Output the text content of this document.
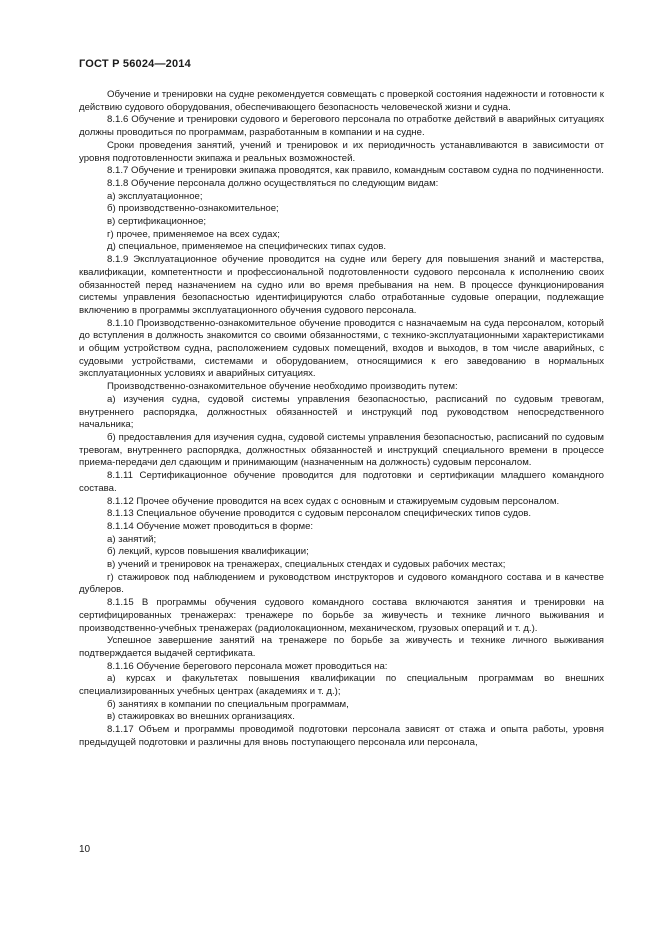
ГОСТ Р 56024—2014

Обучение и тренировки на судне рекомендуется совмещать с проверкой состояния надежности и готовности к действию судового оборудования, обеспечивающего безопасность человеческой жизни и судна.

8.1.6 Обучение и тренировки судового и берегового персонала по отработке действий в аварийных ситуациях должны проводиться по программам, разработанным в компании и на судне.

Сроки проведения занятий, учений и тренировок и их периодичность устанавливаются в зависимости от уровня подготовленности экипажа и реальных возможностей.

8.1.7 Обучение и тренировки экипажа проводятся, как правило, командным составом судна по подчиненности.

8.1.8 Обучение персонала должно осуществляться по следующим видам:

а) эксплуатационное;

б) производственно-ознакомительное;

в) сертификационное;

г) прочее, применяемое на всех судах;

д) специальное, применяемое на специфических типах судов.

8.1.9 Эксплуатационное обучение проводится на судне или берегу для повышения знаний и мастерства, квалификации, компетентности и профессиональной подготовленности судового персонала к исполнению своих обязанностей перед назначением на судно или во время пребывания на нем. В процессе функционирования системы управления безопасностью идентифицируются слабо отработанные судовые операции, подлежащие включению в программы эксплуатационного обучения судового персонала.

8.1.10 Производственно-ознакомительное обучение проводится с назначаемым на суда персоналом, который до вступления в должность знакомится со своими обязанностями, с технико-эксплуатационными характеристиками и общим устройством судна, расположением судовых помещений, входов и выходов, в том числе аварийных, с судовыми устройствами, системами и оборудованием, относящимися к его заведованию в нормальных эксплуатационных условиях и аварийных ситуациях.

Производственно-ознакомительное обучение необходимо производить путем:

а) изучения судна, судовой системы управления безопасностью, расписаний по судовым тревогам, внутреннего распорядка, должностных обязанностей и инструкций под руководством непосредственного начальника;

б) предоставления для изучения судна, судовой системы управления безопасностью, расписаний по судовым тревогам, внутреннего распорядка, должностных обязанностей и инструкций специального времени в процессе приема-передачи дел сдающим и принимающим (назначенным на должность) судовым персоналом.

8.1.11 Сертификационное обучение проводится для подготовки и сертификации младшего командного состава.

8.1.12 Прочее обучение проводится на всех судах с основным и стажируемым судовым персоналом.

8.1.13 Специальное обучение проводится с судовым персоналом специфических типов судов.

8.1.14 Обучение может проводиться в форме:

а) занятий;

б) лекций, курсов повышения квалификации;

в) учений и тренировок на тренажерах, специальных стендах и судовых рабочих местах;

г) стажировок под наблюдением и руководством инструкторов и судового командного состава и в качестве дублеров.

8.1.15 В программы обучения судового командного состава включаются занятия и тренировки на сертифицированных тренажерах: тренажере по борьбе за живучесть и технике личного выживания и производственно-учебных тренажерах (радиолокационном, механическом, грузовых операций и т. д.).

Успешное завершение занятий на тренажере по борьбе за живучесть и технике личного выживания подтверждается выдачей сертификата.

8.1.16 Обучение берегового персонала может проводиться на:

а) курсах и факультетах повышения квалификации по специальным программам во внешних специализированных учебных центрах (академиях и т. д.);

б) занятиях в компании по специальным программам,

в) стажировках во внешних организациях.

8.1.17 Объем и программы проводимой подготовки персонала зависят от стажа и опыта работы, уровня предыдущей подготовки и различны для вновь поступающего персонала или персонала,

10
